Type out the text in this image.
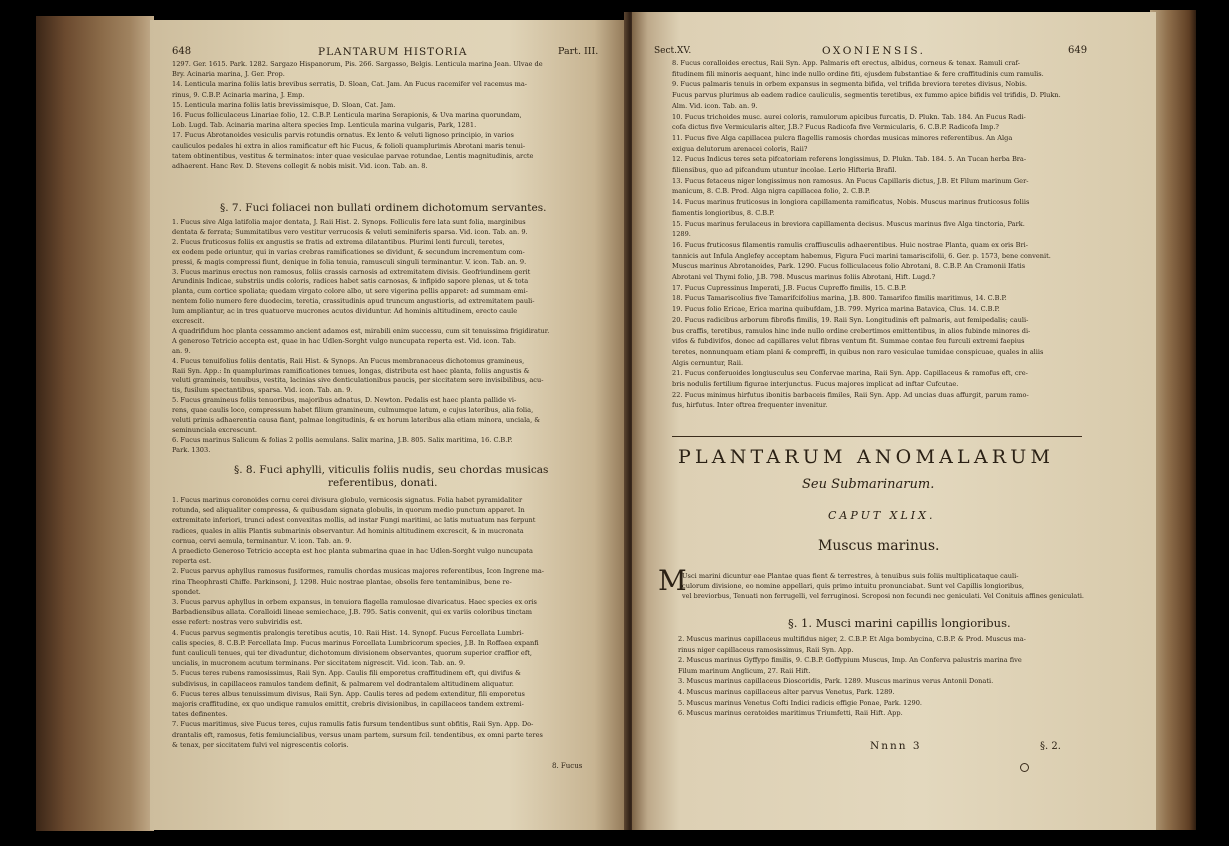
648	PLANTARUM HISTORIA	Part. III.
1297. Ger. 1615. Park. 1282. Sargazo Hispanorum, Pis. 266. Sargasso, Belgis. Lenticula marina Jean. Ulvae de
Bry. Acinaria marina, J. Ger. Prop.
14. Lenticula marina foliis latis brevibus serratis, D. Sloan, Cat. Jam. An Fucus racemifer vel racemus ma-
rinus, 9. C.B.P. Acinaria marina, J. Emp.
15. Lenticula marina foliis latis brevissimisque, D. Sloan, Cat. Jam.
16. Fucus folliculaceus Linariae folio, 12. C.B.P. Lenticula marina Serapionis, & Uva marina quorundam,
Lob. Lugd. Tab. Acinaria marina altera species Imp. Lenticula marina vulgaris, Park, 1281.
17. Fucus Abrotanoides vesiculis parvis rotundis ornatus. Ex lento & veluti lignoso principio, in varios
cauliculos pedales hi extra in alios ramificatur eft hic Fucus, & folioli quamplurimis Abrotani maris tenui-
tatem obtinentibus, vestitus & terminatos: inter quae vesiculae parvae rotundae, Lentis magnitudinis, arcte
adhaerent. Hanc Rev. D. Stevens collegit & nobis misit. Vid. icon. Tab. an. 8.
§. 7. Fuci foliacei non bullati ordinem dichotomum servantes.
1. Fucus sive Alga latifolia major dentata, J. Raii Hist. 2. Synops. Folliculis fere lata sunt folia, marginibus
dentata & ferrata; Summitatibus vero vestitur verrucosis & veluti seminiferis sparsa. Vid. icon. Tab. an. 9.
2. Fucus fruticosus foliis ex angustis se fratis ad extrema dilatantibus. Plurimi lenti furculi, teretes,
ex eodem pede oriuntur, qui in varias crebras ramificationes se dividunt, & secundum incrementum com-
pressi, & magis compressi fiunt, denique in folia tenuia, ramusculi singuli terminantur. V. icon. Tab. an. 9.
3. Fucus marinus erectus non ramosus, foliis crassis carnosis ad extremitatem divisis. Geofriundinem gerit
Arundinis Indicae, substriis undis coloris, radices habet satis carnosas, & infipido sapore plenas, ut & tota
planta, cum cortice spoliata; quedam virgato colore albo, ut sere vigerina pellis apparet: ad summam emi-
nentem folio numero fere duodecim, teretia, crassitudinis apud truncum angustioris, ad extremitatem pauli-
lum ampliantur, ac in tres quatuorve mucrones acutos dividuntur. Ad hominis altitudinem, erecto caule
excrescit.
A quadrifidum hoc planta cessammo ancient adamos est, mirabili enim successu, cum sit tenuissima frigidiratur.
A generoso Tetricio accepta est, quae in hac Udlen-Sorght vulgo nuncupata reperta est. Vid. icon. Tab.
an. 9.
4. Fucus tenuifolius foliis dentatis, Raii Hist. & Synops. An Fucus membranaceus dichotomus gramineus,
Raii Syn. App.: In quamplurimas ramificationes tenues, longas, distributa est haec planta, foliis angustis &
veluti gramineis, tenuibus, vestita, lacinias sive denticulationibus paucis, per siccitatem sere invisibilibus, acu-
tis, fusilum spectantibus, sparsa. Vid. icon. Tab. an. 9.
5. Fucus gramineus foliis tenuoribus, majoribus adnatus, D. Newton. Pedalis est haec planta pallide vi-
rens, quae caulis loco, compressum habet filium gramineum, culmumque latum, e cujus lateribus, alia folia,
veluti primis adhaerentia causa fiant, palmae longitudinis, & ex horum lateribus alia etiam minora, unciala, &
seminunciala excrescunt.
6. Fucus marinus Salicum & folias 2 pollis aemulans. Salix marina, J.B. 805. Salix maritima, 16. C.B.P.
Park. 1303.
§. 8. Fuci aphylli, viticulis foliis nudis, seu chordas musicas
referentibus, donati.
1. Fucus marinus coronoides cornu cerei divisura globulo, vernicosis signatus. Folia habet pyramidaliter
rotunda, sed aliqualiter compressa, & quibusdam signata globulis, in quorum medio punctum apparet. In
extremitate inferiori, trunci adest convexitas mollis, ad instar Fungi maritimi, ac latis mutuatum nas ferpunt
radices, quales in aliis Plantis submarinis observantur. Ad hominis altitudinem excrescit, & in mucronata
cornua, cervi aemula, terminantur. V. icon. Tab. an. 9.
A praedicto Generoso Tetricio accepta est hoc planta submarina quae in hac Udlen-Sorght vulgo nuncupata
reperta est.
2. Fucus parvus aphyllus ramosus fusiformes, ramulis chordas musicas majores referentibus, Icon Ingrene ma-
rina Theophrasti Chiffe. Parkinsoni, J. 1298. Huic nostrae plantae, obsolis fere tentaminibus, bene re-
spondet.
3. Fucus parvus aphyllus in orbem expansus, in tenuiora flagella ramulosae divaricatus. Haec species ex oris
Barbadiensibus allata. Coralloidi lineae semiechace, J.B. 795. Satis convenit, qui ex variis coloribus tinctam
esse refert: nostras vero subviridis est.
4. Fucus parvus segmentis pralongis teretibus acutis, 10. Raii Hist. 14. Synopf. Fucus Fercellata Lumbri-
calis species, 8. C.B.P. Fercellata Imp. Fucus marinus Forcellata Lumbricorum species, J.B. In Roffaea expanfi
funt cauliculi tenues, qui ter divaduntur, dichotomum divisionem observantes, quorum superior craffior eft,
uncialis, in mucronem acutum terminans. Per siccitatem nigrescit. Vid. icon. Tab. an. 9.
5. Fucus teres rubens ramosissimus, Raii Syn. App. Caulis fili emporetus craffitudinem eft, qui divifus &
subdivisus, in capillaceos ramulos tandem definit, & palmarem vel dodrantalem altitudinem aliquatur.
6. Fucus teres albus tenuissimum divisus, Raii Syn. App. Caulis teres ad pedem extenditur, fili emporetus
majoris craffitudine, ex quo undique ramulos emittit, crebris divisionibus, in capillaceos tandem extremi-
tates definentes.
7. Fucus maritimus, sive Fucus teres, cujus ramulis fatis fursum tendentibus sunt obfitis, Raii Syn. App. Do-
drantalis eft, ramosus, fetis femiuncialibus, versus unam partem, sursum fcil. tendentibus, ex omni parte teres
& tenax, per siccitatem fulvi vel nigrescentis coloris.
8. Fucus
Sect.XV.	OXONIENSIS.	649
8. Fucus coralloides erectus, Raii Syn. App. Palmaris eft erectus, albidus, corneus & tenax. Ramuli craf-
fitudinem fili minoris aequant, hinc inde nullo ordine fiti, ejusdem fubstantiae & fere craffitudinis cum ramulis.
9. Fucus palmaris tenuis in orbem expansus in segmenta bifida, vel trifida breviora teretes divisus, Nobis.
Fucus parvus plurimus ab eadem radice cauliculis, segmentis teretibus, ex fummo apice bifidis vel trifidis, D. Plukn.
Alm. Vid. icon. Tab. an. 9.
10. Fucus trichoides musc. aurei coloris, ramulorum apicibus furcatis, D. Plukn. Tab. 184. An Fucus Radi-
cofa dictus five Vermicularis alter, J.B.? Fucus Radicofa five Vermicularis, 6. C.B.P. Radicofa Imp.?
11. Fucus five Alga capillacea pulcra flagellis ramosis chordas musicas minores referentibus. An Alga
exigua delutorum arenacei coloris, Raii?
12. Fucus Indicus teres seta pifcatoriam referens longissimus, D. Plukn. Tab. 184. 5. An Tucan herba Bra-
filiensibus, quo ad pifcandum utuntur incolae. Lerio Hifteria Brafil.
13. Fucus fetaceus niger longissimus non ramosus. An Fucus Capillaris dictus, J.B. Et Filum marinum Ger-
manicum, 8. C.B. Prod. Alga nigra capillacea folio, 2. C.B.P.
14. Fucus marinus fruticosus in longiora capillamenta ramificatus, Nobis. Muscus marinus fruticosus foliis
fiamentis longioribus, 8. C.B.P.
15. Fucus marinus ferulaceus in breviora capillamenta decisus. Muscus marinus five Alga tinctoria, Park.
1289.
16. Fucus fruticosus filamentis ramulis craffiusculis adhaerentibus. Huic nostrae Planta, quam ex oris Bri-
tannicis aut Infula Anglefey acceptam habemus, Figura Fuci marini tamariscifolii, 6. Ger. p. 1573, bene convenit.
Muscus marinus Abrotanoides, Park. 1290. Fucus folliculaceus folio Abrotani, 8. C.B.P. An Cramonii Ifatis
Abrotani vel Thymi folio, J.B. 798. Muscus marinus foliis Abrotani, Hift. Lugd.?
17. Fucus Cupressinus Imperati, J.B. Fucus Cupreffo fimilis, 15. C.B.P.
18. Fucus Tamariscolius five Tamarifcifolius marina, J.B. 800. Tamarifco fimilis maritimus, 14. C.B.P.
19. Fucus folio Ericae, Erica marina quibufdam, J.B. 799. Myrica marina Batavica, Clus. 14. C.B.P.
20. Fucus radicibus arborum fibrofis fimilis, 19. Raii Syn. Longitudinis eft palmaris, aut femipedalis; cauli-
bus craffis, teretibus, ramulos hinc inde nullo ordine crebertimos emittentibus, in alios fubinde minores di-
vifos & fubdivifos, donec ad capillares velut fibras ventum fit. Summae contae feu furculi extremi faepius
teretes, nonnunquam etiam plani & compreffi, in quibus non raro vesiculae tumidae conspicuae, quales in aliis
Algis cernuntur, Raii.
21. Fucus conferuoides longiusculus seu Confervae marina, Raii Syn. App. Capillaceus & ramofus eft, cre-
bris nodulis fertilium figurae interjunctus. Fucus majores implicat ad inftar Cufcutae.
22. Fucus minimus hirfutus ibonitis barbaceis fimiles, Raii Syn. App. Ad uncias duas affurgit, parum ramo-
fus, hirfutus. Inter oftrea frequenter invenitur.
PLANTARUM ANOMALARUM
Seu Submarinarum.
CAPUT XLIX.
Muscus marinus.
M
Usci marini dicuntur eae Plantae quas fient & terrestres, à tenuibus suis foliis multiplicataque cauli-
culorum divisione, eo nomine appellari, quis primo intuitu pronunciabat. Sunt vel Capillis longioribus,
vel breviorbus, Tenuati non ferrugelli, vel ferruginosi. Scroposi non fecundi nec geniculati. Vel Conituis affines geniculati.
§. 1. Musci marini capillis longioribus.
2. Muscus marinus capillaceus multifidus niger, 2. C.B.P. Et Alga bombycina, C.B.P. & Prod. Muscus ma-
rinus niger capillaceus ramosissimus, Raii Syn. App.
2. Muscus marinus Gyffypo fimilis, 9. C.B.P. Goffypium Muscus, Imp. An Conferva palustris marina five
Filum marinum Anglicum, 27. Raii Hift.
3. Muscus marinus capillaceus Dioscoridis, Park. 1289. Muscus marinus verus Antonii Donati.
4. Muscus marinus capillaceus alter parvus Venetus, Park. 1289.
5. Muscus marinus Venetus Cofti Indici radicis effigie Ponae, Park. 1290.
6. Muscus marinus ceratoides maritimus Triumfetti, Raii Hift. App.
Nnnn 3	§. 2.
